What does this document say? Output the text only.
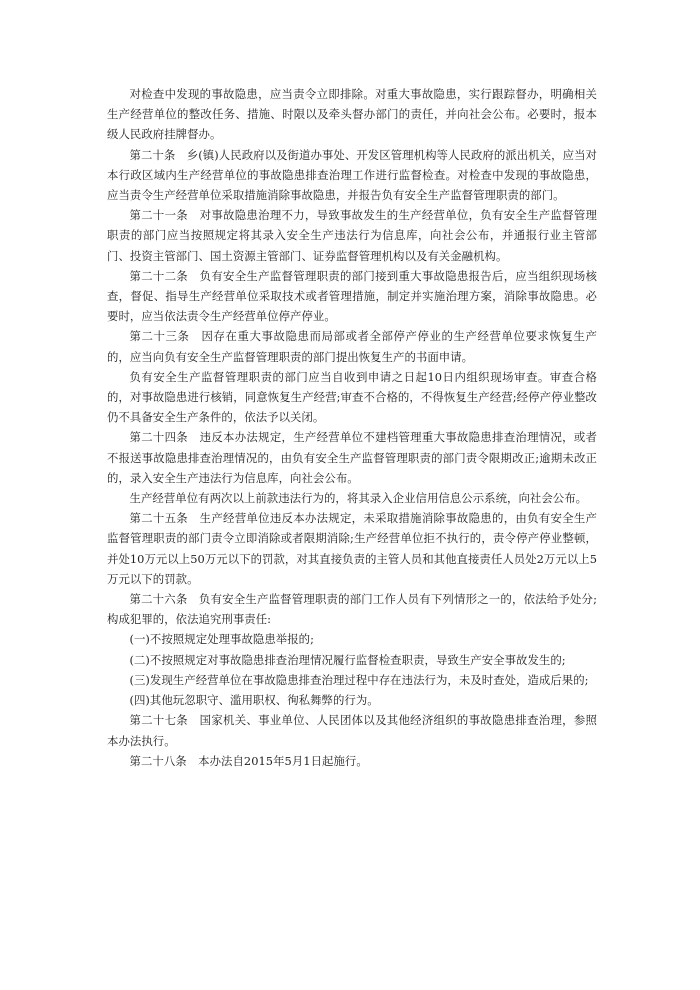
对检查中发现的事故隐患，应当责令立即排除。对重大事故隐患，实行跟踪督办，明确相关生产经营单位的整改任务、措施、时限以及牵头督办部门的责任，并向社会公布。必要时，报本级人民政府挂牌督办。

第二十条　乡(镇)人民政府以及街道办事处、开发区管理机构等人民政府的派出机关，应当对本行政区域内生产经营单位的事故隐患排查治理工作进行监督检查。对检查中发现的事故隐患，应当责令生产经营单位采取措施消除事故隐患，并报告负有安全生产监督管理职责的部门。

第二十一条　对事故隐患治理不力，导致事故发生的生产经营单位，负有安全生产监督管理职责的部门应当按照规定将其录入安全生产违法行为信息库，向社会公布，并通报行业主管部门、投资主管部门、国土资源主管部门、证券监督管理机构以及有关金融机构。

第二十二条　负有安全生产监督管理职责的部门接到重大事故隐患报告后，应当组织现场核查，督促、指导生产经营单位采取技术或者管理措施，制定并实施治理方案，消除事故隐患。必要时，应当依法责令生产经营单位停产停业。

第二十三条　因存在重大事故隐患而局部或者全部停产停业的生产经营单位要求恢复生产的，应当向负有安全生产监督管理职责的部门提出恢复生产的书面申请。

负有安全生产监督管理职责的部门应当自收到申请之日起10日内组织现场审查。审查合格的，对事故隐患进行核销，同意恢复生产经营;审查不合格的，不得恢复生产经营;经停产停业整改仍不具备安全生产条件的，依法予以关闭。

第二十四条　违反本办法规定，生产经营单位不建档管理重大事故隐患排查治理情况，或者不报送事故隐患排查治理情况的，由负有安全生产监督管理职责的部门责令限期改正;逾期未改正的，录入安全生产违法行为信息库，向社会公布。

生产经营单位有两次以上前款违法行为的，将其录入企业信用信息公示系统，向社会公布。

第二十五条　生产经营单位违反本办法规定，未采取措施消除事故隐患的，由负有安全生产监督管理职责的部门责令立即消除或者限期消除;生产经营单位拒不执行的，责令停产停业整顿，并处10万元以上50万元以下的罚款，对其直接负责的主管人员和其他直接责任人员处2万元以上5万元以下的罚款。

第二十六条　负有安全生产监督管理职责的部门工作人员有下列情形之一的，依法给予处分;构成犯罪的，依法追究刑事责任:

(一)不按照规定处理事故隐患举报的;

(二)不按照规定对事故隐患排查治理情况履行监督检查职责，导致生产安全事故发生的;

(三)发现生产经营单位在事故隐患排查治理过程中存在违法行为，未及时查处，造成后果的;

(四)其他玩忽职守、滥用职权、徇私舞弊的行为。

第二十七条　国家机关、事业单位、人民团体以及其他经济组织的事故隐患排查治理，参照本办法执行。

第二十八条　本办法自2015年5月1日起施行。
